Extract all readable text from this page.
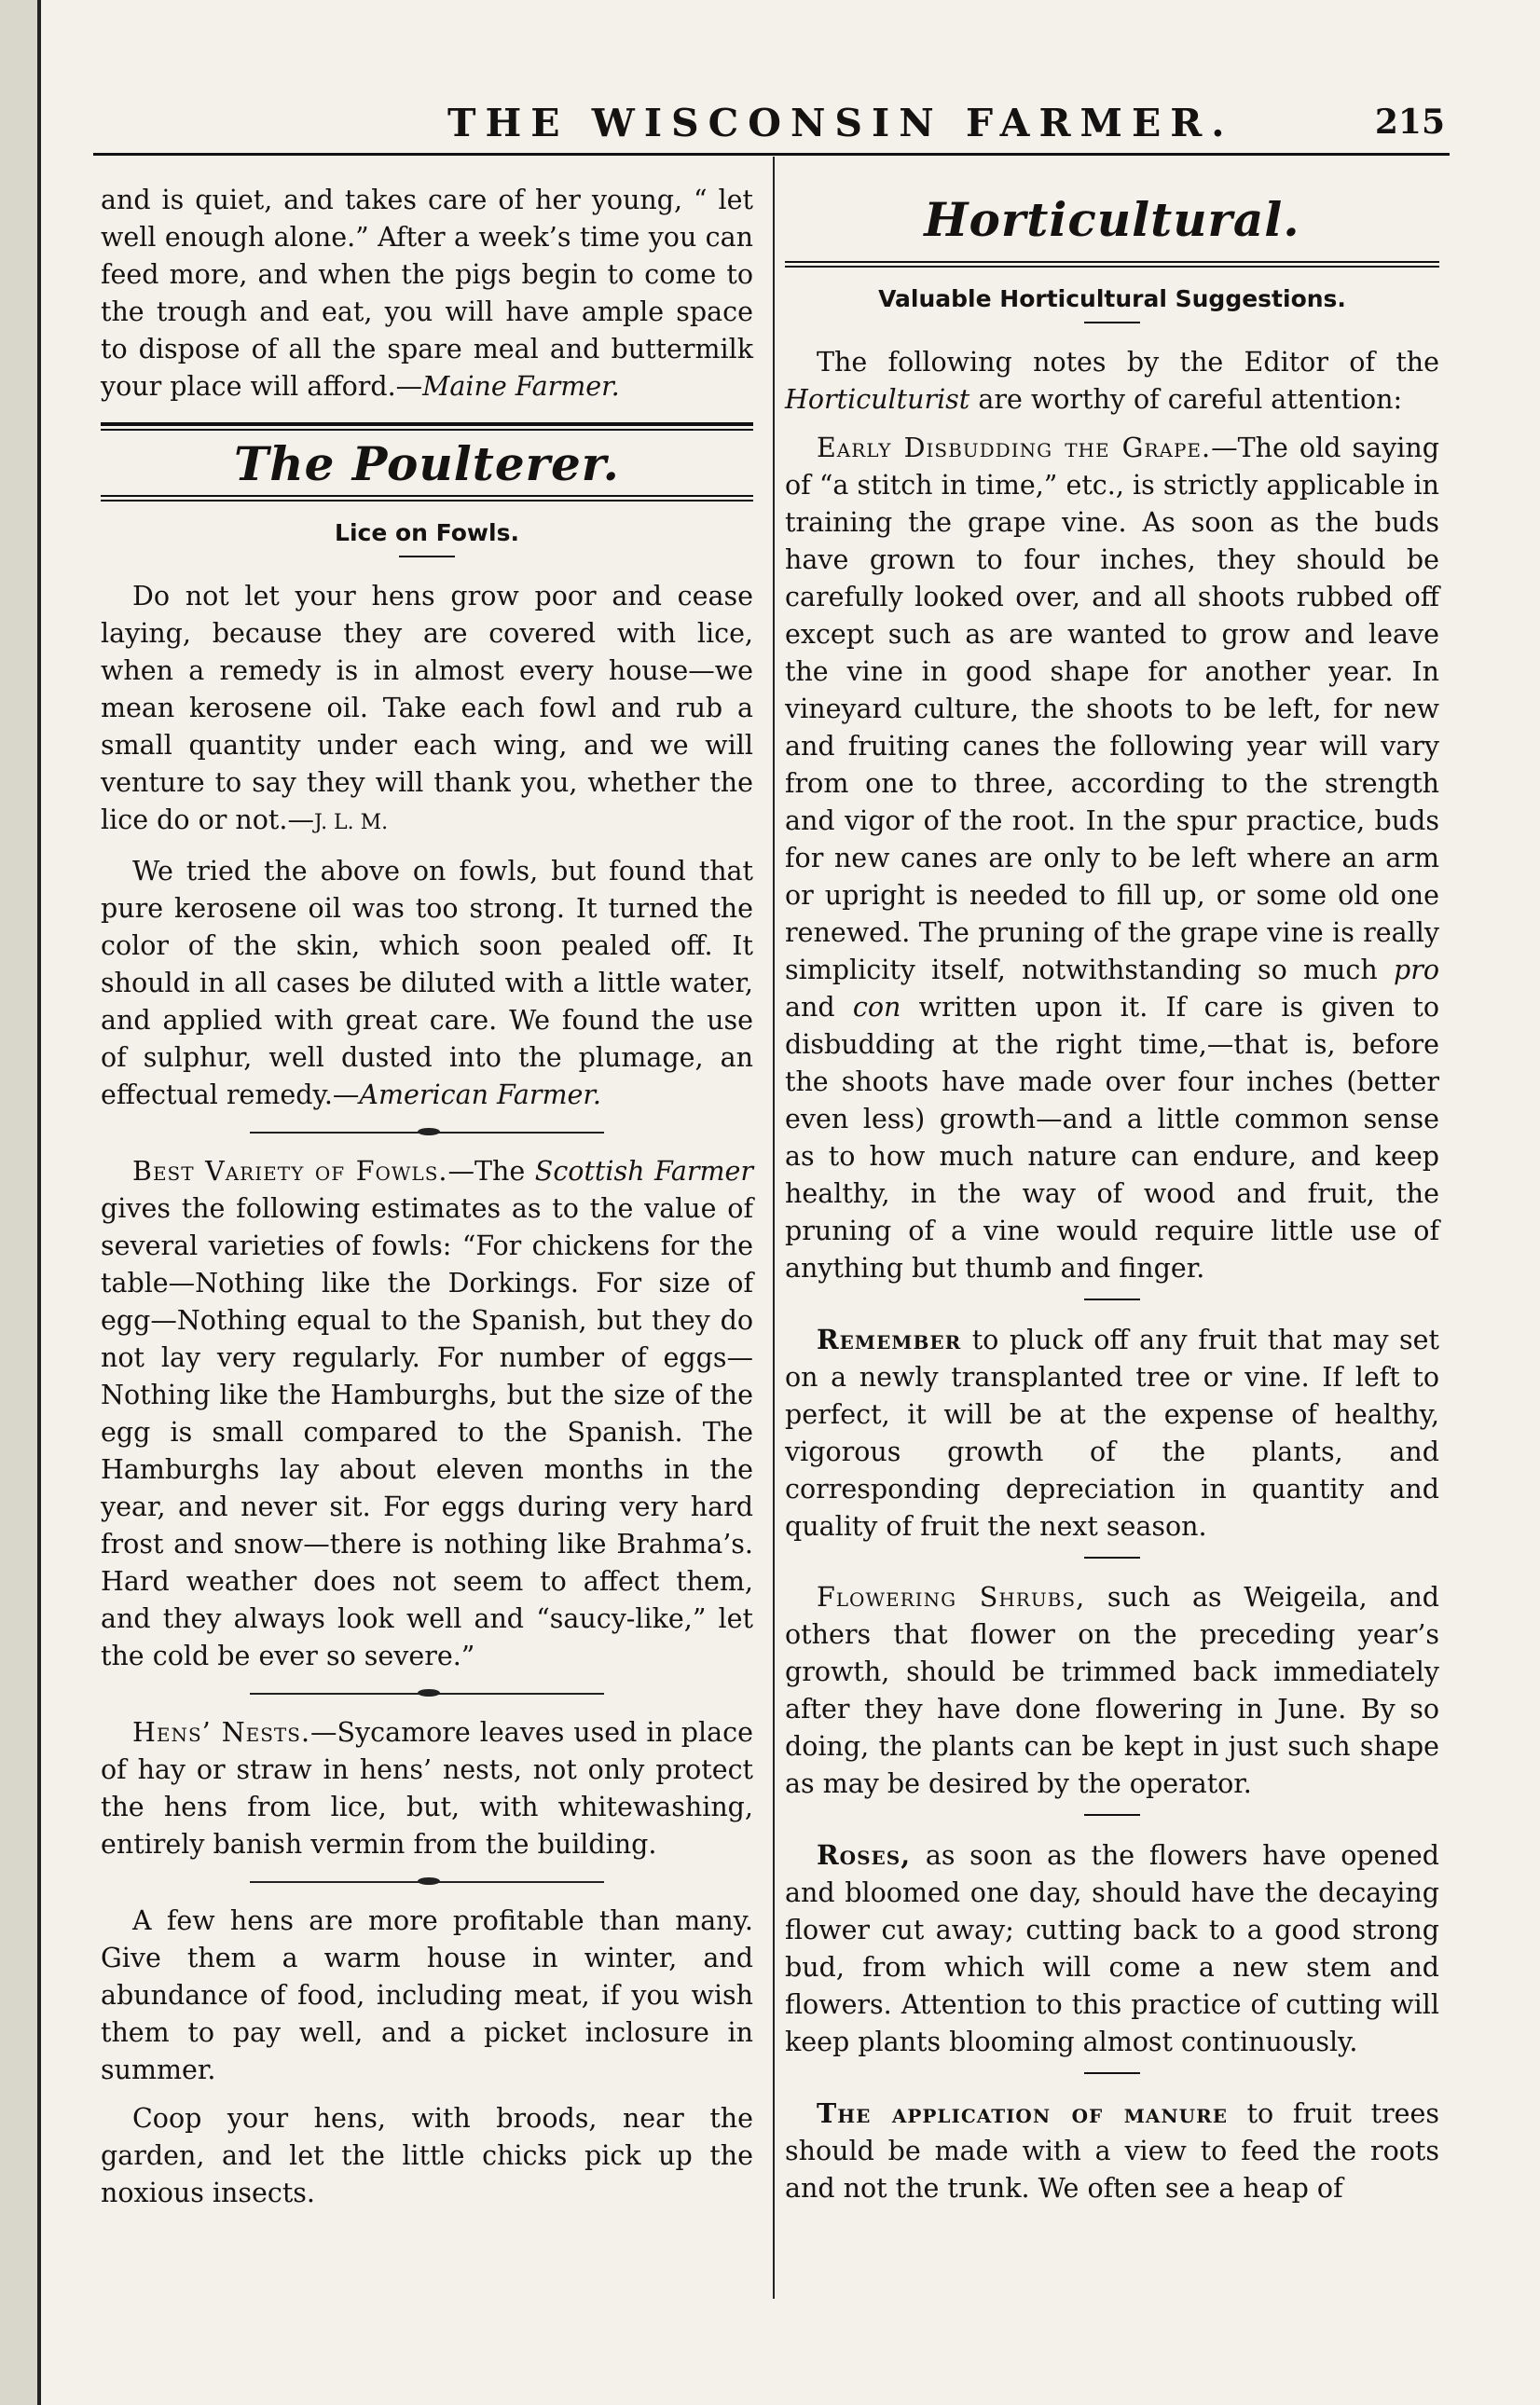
THE WISCONSIN FARMER.	215

and is quiet, and takes care of her young, “ let well enough alone.” After a week’s time you can feed more, and when the pigs begin to come to the trough and eat, you will have ample space to dispose of all the spare meal and buttermilk your place will afford.—Maine Farmer.

The Poulterer.
Lice on Fowls.

Do not let your hens grow poor and cease laying, because they are covered with lice, when a remedy is in almost every house—we mean kerosene oil. Take each fowl and rub a small quantity under each wing, and we will venture to say they will thank you, whether the lice do or not.—J. L. M.

We tried the above on fowls, but found that pure kerosene oil was too strong. It turned the color of the skin, which soon pealed off. It should in all cases be diluted with a little water, and applied with great care. We found the use of sulphur, well dusted into the plumage, an effectual remedy.—American Farmer.

Best Variety of Fowls.—The Scottish Farmer gives the following estimates as to the value of several varieties of fowls: “For chickens for the table—Nothing like the Dorkings. For size of egg—Nothing equal to the Spanish, but they do not lay very regularly. For number of eggs—Nothing like the Hamburghs, but the size of the egg is small compared to the Spanish. The Hamburghs lay about eleven months in the year, and never sit. For eggs during very hard frost and snow—there is nothing like Brahma’s. Hard weather does not seem to affect them, and they always look well and “saucy-like,” let the cold be ever so severe.”

Hens’ Nests.—Sycamore leaves used in place of hay or straw in hens’ nests, not only protect the hens from lice, but, with whitewashing, entirely banish vermin from the building.

A few hens are more profitable than many. Give them a warm house in winter, and abundance of food, including meat, if you wish them to pay well, and a picket inclosure in summer.

Coop your hens, with broods, near the garden, and let the little chicks pick up the noxious insects.

Horticultural.
Valuable Horticultural Suggestions.

The following notes by the Editor of the Horticulturist are worthy of careful attention:

Early Disbudding the Grape.—The old saying of “a stitch in time,” etc., is strictly applicable in training the grape vine. As soon as the buds have grown to four inches, they should be carefully looked over, and all shoots rubbed off except such as are wanted to grow and leave the vine in good shape for another year. In vineyard culture, the shoots to be left, for new and fruiting canes the following year will vary from one to three, according to the strength and vigor of the root. In the spur practice, buds for new canes are only to be left where an arm or upright is needed to fill up, or some old one renewed. The pruning of the grape vine is really simplicity itself, notwithstanding so much pro and con written upon it. If care is given to disbudding at the right time,—that is, before the shoots have made over four inches (better even less) growth—and a little common sense as to how much nature can endure, and keep healthy, in the way of wood and fruit, the pruning of a vine would require little use of anything but thumb and finger.

Remember to pluck off any fruit that may set on a newly transplanted tree or vine. If left to perfect, it will be at the expense of healthy, vigorous growth of the plants, and corresponding depreciation in quantity and quality of fruit the next season.

Flowering Shrubs, such as Weigeila, and others that flower on the preceding year’s growth, should be trimmed back immediately after they have done flowering in June. By so doing, the plants can be kept in just such shape as may be desired by the operator.

Roses, as soon as the flowers have opened and bloomed one day, should have the decaying flower cut away; cutting back to a good strong bud, from which will come a new stem and flowers. Attention to this practice of cutting will keep plants blooming almost continuously.

The application of manure to fruit trees should be made with a view to feed the roots and not the trunk. We often see a heap of
